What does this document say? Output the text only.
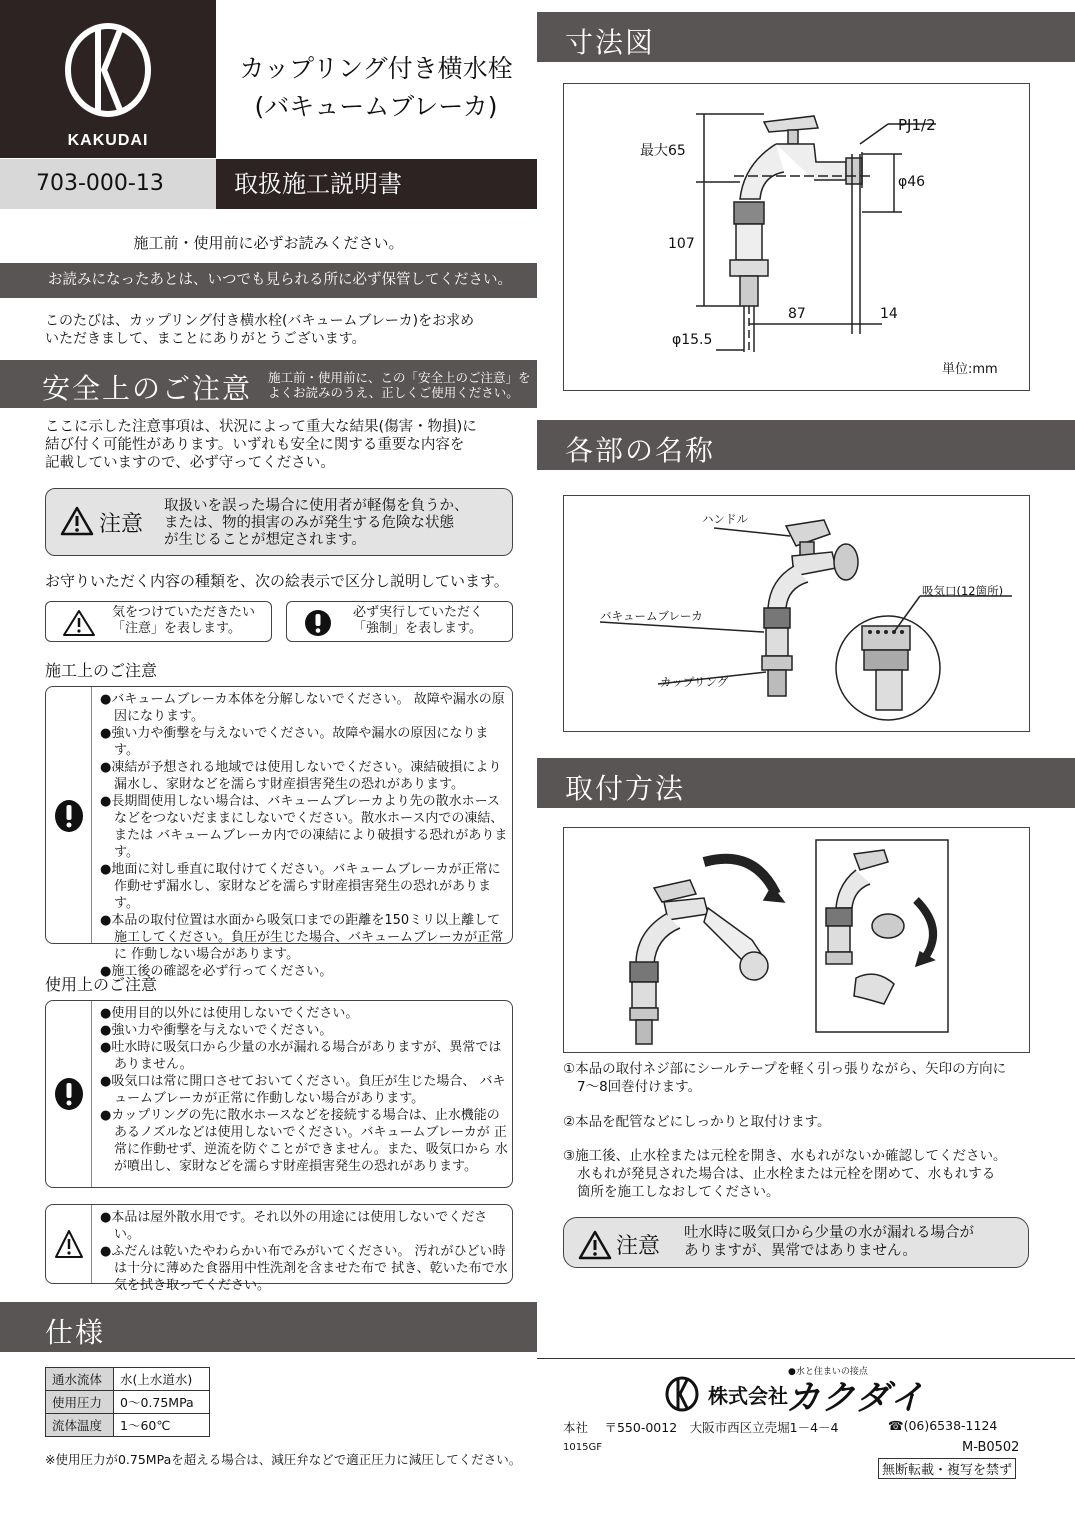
KAKUDAI
カップリング付き横水栓
(バキュームブレーカ)
703-000-13	取扱施工説明書
施工前・使用前に必ずお読みください。
お読みになったあとは、いつでも見られる所に必ず保管してください。
このたびは、カップリング付き横水栓(バキュームブレーカ)をお求め
いただきまして、まことにありがとうございます。
安全上のご注意 施工前・使用前に、この「安全上のご注意」を
よくお読みのうえ、正しくご使用ください。
ここに示した注意事項は、状況によって重大な結果(傷害・物損)に
結び付く可能性があります。いずれも安全に関する重要な内容を
記載していますので、必ず守ってください。
注意
取扱いを誤った場合に使用者が軽傷を負うか、
または、物的損害のみが発生する危険な状態
が生じることが想定されます。
お守りいただく内容の種類を、次の絵表示で区分し説明しています。
気をつけていただきたい
「注意」を表します。
必ず実行していただく
「強制」を表します。
施工上のご注意
●バキュームブレーカ本体を分解しないでください。 故障や漏水の原因になります。
●強い力や衝撃を与えないでください。故障や漏水の原因になります。
●凍結が予想される地域では使用しないでください。凍結破損により 漏水し、家財などを濡らす財産損害発生の恐れがあります。
●長期間使用しない場合は、バキュームブレーカより先の散水ホース などをつないだままにしないでください。散水ホース内での凍結、または バキュームブレーカ内での凍結により破損する恐れがあります。
●地面に対し垂直に取付けてください。バキュームブレーカが正常に 作動せず漏水し、家財などを濡らす財産損害発生の恐れがあります。
●本品の取付位置は水面から吸気口までの距離を150ミリ以上離して 施工してください。負圧が生じた場合、バキュームブレーカが正常に 作動しない場合があります。
●施工後の確認を必ず行ってください。
使用上のご注意
●使用目的以外には使用しないでください。
●強い力や衝撃を与えないでください。
●吐水時に吸気口から少量の水が漏れる場合がありますが、異常では ありません。
●吸気口は常に開口させておいてください。負圧が生じた場合、 バキュームブレーカが正常に作動しない場合があります。
●カップリングの先に散水ホースなどを接続する場合は、止水機能の あるノズルなどは使用しないでください。バキュームブレーカが 正常に作動せず、逆流を防ぐことができません。また、吸気口から 水が噴出し、家財などを濡らす財産損害発生の恐れがあります。
●本品は屋外散水用です。それ以外の用途には使用しないでください。
●ふだんは乾いたやわらかい布でみがいてください。 汚れがひどい時は十分に薄めた食器用中性洗剤を含ませた布で 拭き、乾いた布で水気を拭き取ってください。
仕様
通水流体	水(上水道水)
使用圧力	0～0.75MPa
流体温度	1～60℃
※使用圧力が0.75MPaを超える場合は、減圧弁などで適正圧力に減圧してください。
寸法図
PJ1/2
最大65
φ46
107
87	14
φ15.5
単位:mm
各部の名称
ハンドル
吸気口(12箇所)
バキュームブレーカ
カップリング
取付方法
①本品の取付ネジ部にシールテープを軽く引っ張りながら、矢印の方向に
7～8回巻付けます。
②本品を配管などにしっかりと取付けます。
③施工後、止水栓または元栓を開き、水もれがないか確認してください。
水もれが発見された場合は、止水栓または元栓を閉めて、水もれする
箇所を施工しなおしてください。
注意
吐水時に吸気口から少量の水が漏れる場合が
ありますが、異常ではありません。
●水と住まいの接点
株式会社
カクダイ
本社　 〒550-0012　大阪市西区立売堀1－4－4	☎(06)6538-1124
1015GF	M-B0502
無断転載・複写を禁ず
